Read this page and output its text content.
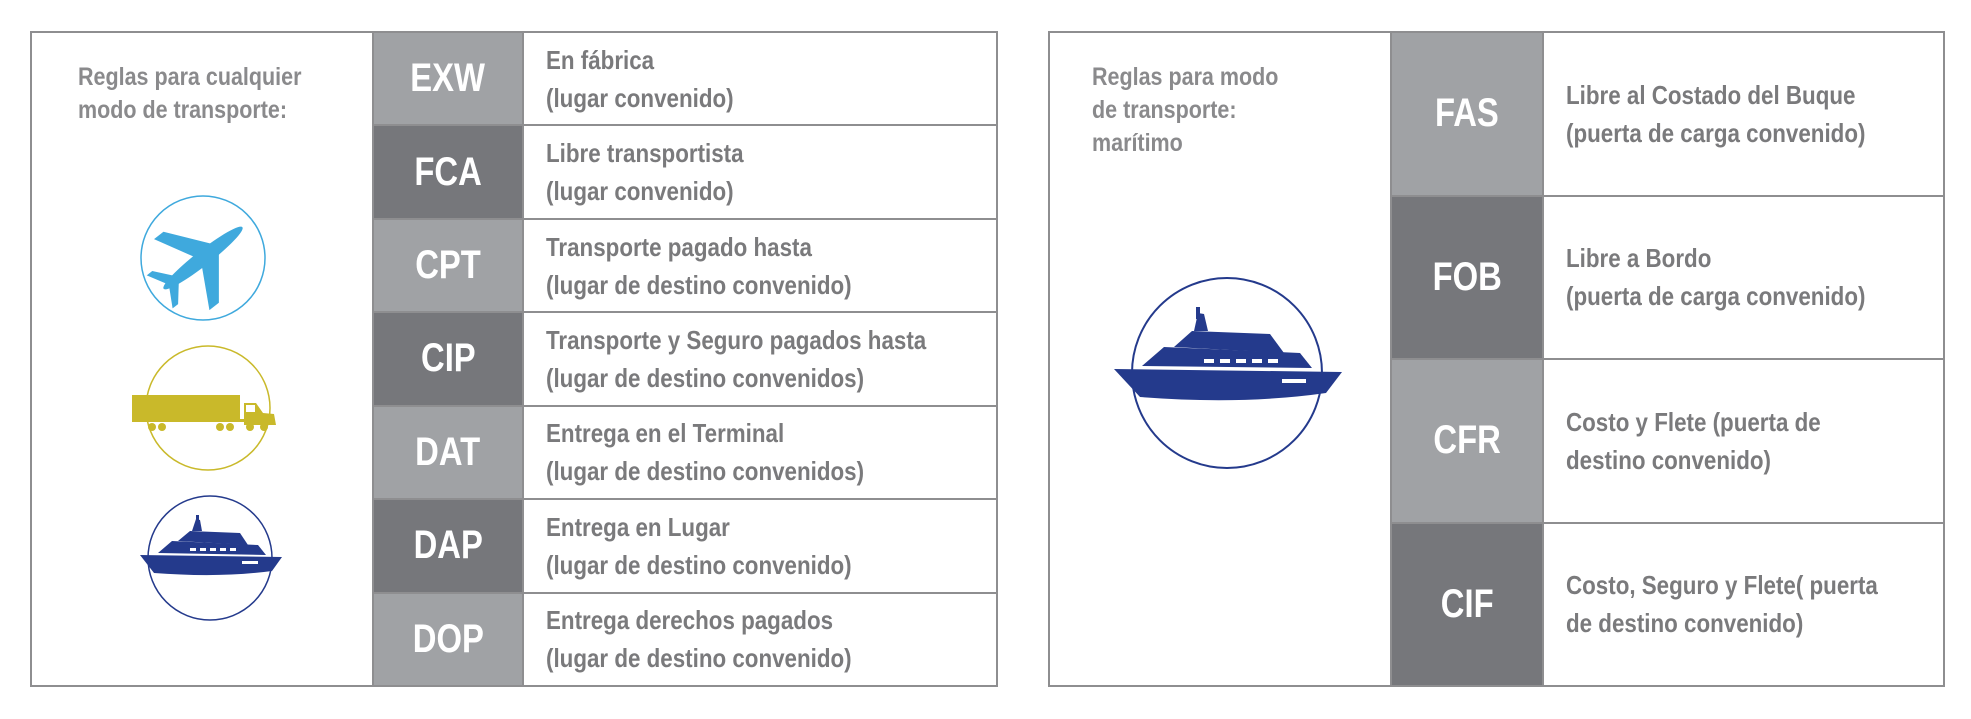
Reglas para cualquier
modo de transporte:

EXW En fábrica
(lugar convenido)
FCA Libre transportista
(lugar convenido)
CPT	Transporte pagado hasta
(lugar de destino convenido)
CIP	Transporte y Seguro pagados hasta
(lugar de destino convenidos)
DAT	Entrega en el Terminal
(lugar de destino convenidos)
DAP Entrega en Lugar
(lugar de destino convenido)
DOP Entrega derechos pagados
(lugar de destino convenido)

Reglas para modo
de transporte:
marítimo

FAS	Libre al Costado del Buque
(puerta de carga convenido)
FOB Libre a Bordo
(puerta de carga convenido)
CFR	Costo y Flete (puerta de
destino convenido)
CIF	Costo, Seguro y Flete( puerta
de destino convenido)
